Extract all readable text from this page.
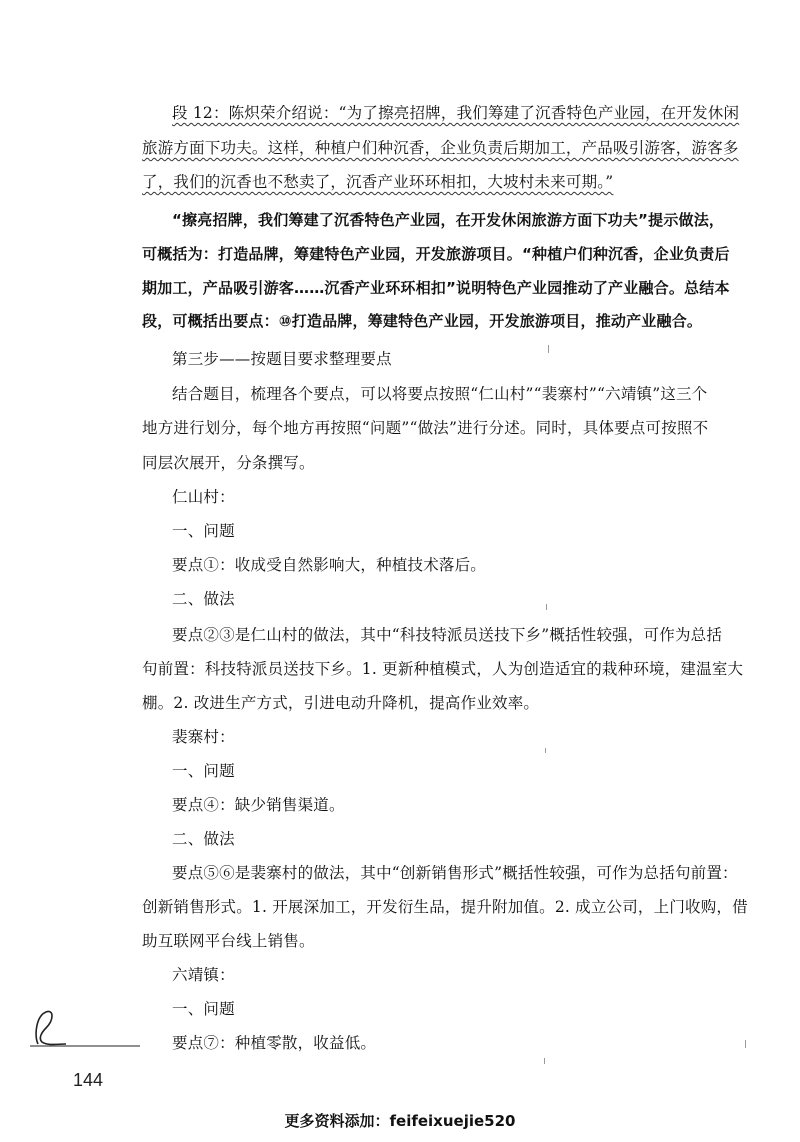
段 12：陈炽荣介绍说：“为了擦亮招牌，我们筹建了沉香特色产业园，在开发休闲
旅游方面下功夫。这样，种植户们种沉香，企业负责后期加工，产品吸引游客，游客多
了，我们的沉香也不愁卖了，沉香产业环环相扣，大坡村未来可期。”
“擦亮招牌，我们筹建了沉香特色产业园，在开发休闲旅游方面下功夫”提示做法，
可概括为：打造品牌，筹建特色产业园，开发旅游项目。“种植户们种沉香，企业负责后
期加工，产品吸引游客……沉香产业环环相扣”说明特色产业园推动了产业融合。总结本
段，可概括出要点：⑩打造品牌，筹建特色产业园，开发旅游项目，推动产业融合。
第三步——按题目要求整理要点
结合题目，梳理各个要点，可以将要点按照“仁山村”“裴寨村”“六靖镇”这三个
地方进行划分，每个地方再按照“问题”“做法”进行分述。同时，具体要点可按照不
同层次展开，分条撰写。
仁山村：
一、问题
要点①：收成受自然影响大，种植技术落后。
二、做法
要点②③是仁山村的做法，其中“科技特派员送技下乡”概括性较强，可作为总括
句前置：科技特派员送技下乡。1. 更新种植模式，人为创造适宜的栽种环境，建温室大
棚。2. 改进生产方式，引进电动升降机，提高作业效率。
裴寨村：
一、问题
要点④：缺少销售渠道。
二、做法
要点⑤⑥是裴寨村的做法，其中“创新销售形式”概括性较强，可作为总括句前置：
创新销售形式。1. 开展深加工，开发衍生品，提升附加值。2. 成立公司，上门收购，借
助互联网平台线上销售。
六靖镇：
一、问题
要点⑦：种植零散，收益低。
144
更多资料添加：feifeixuejie520
